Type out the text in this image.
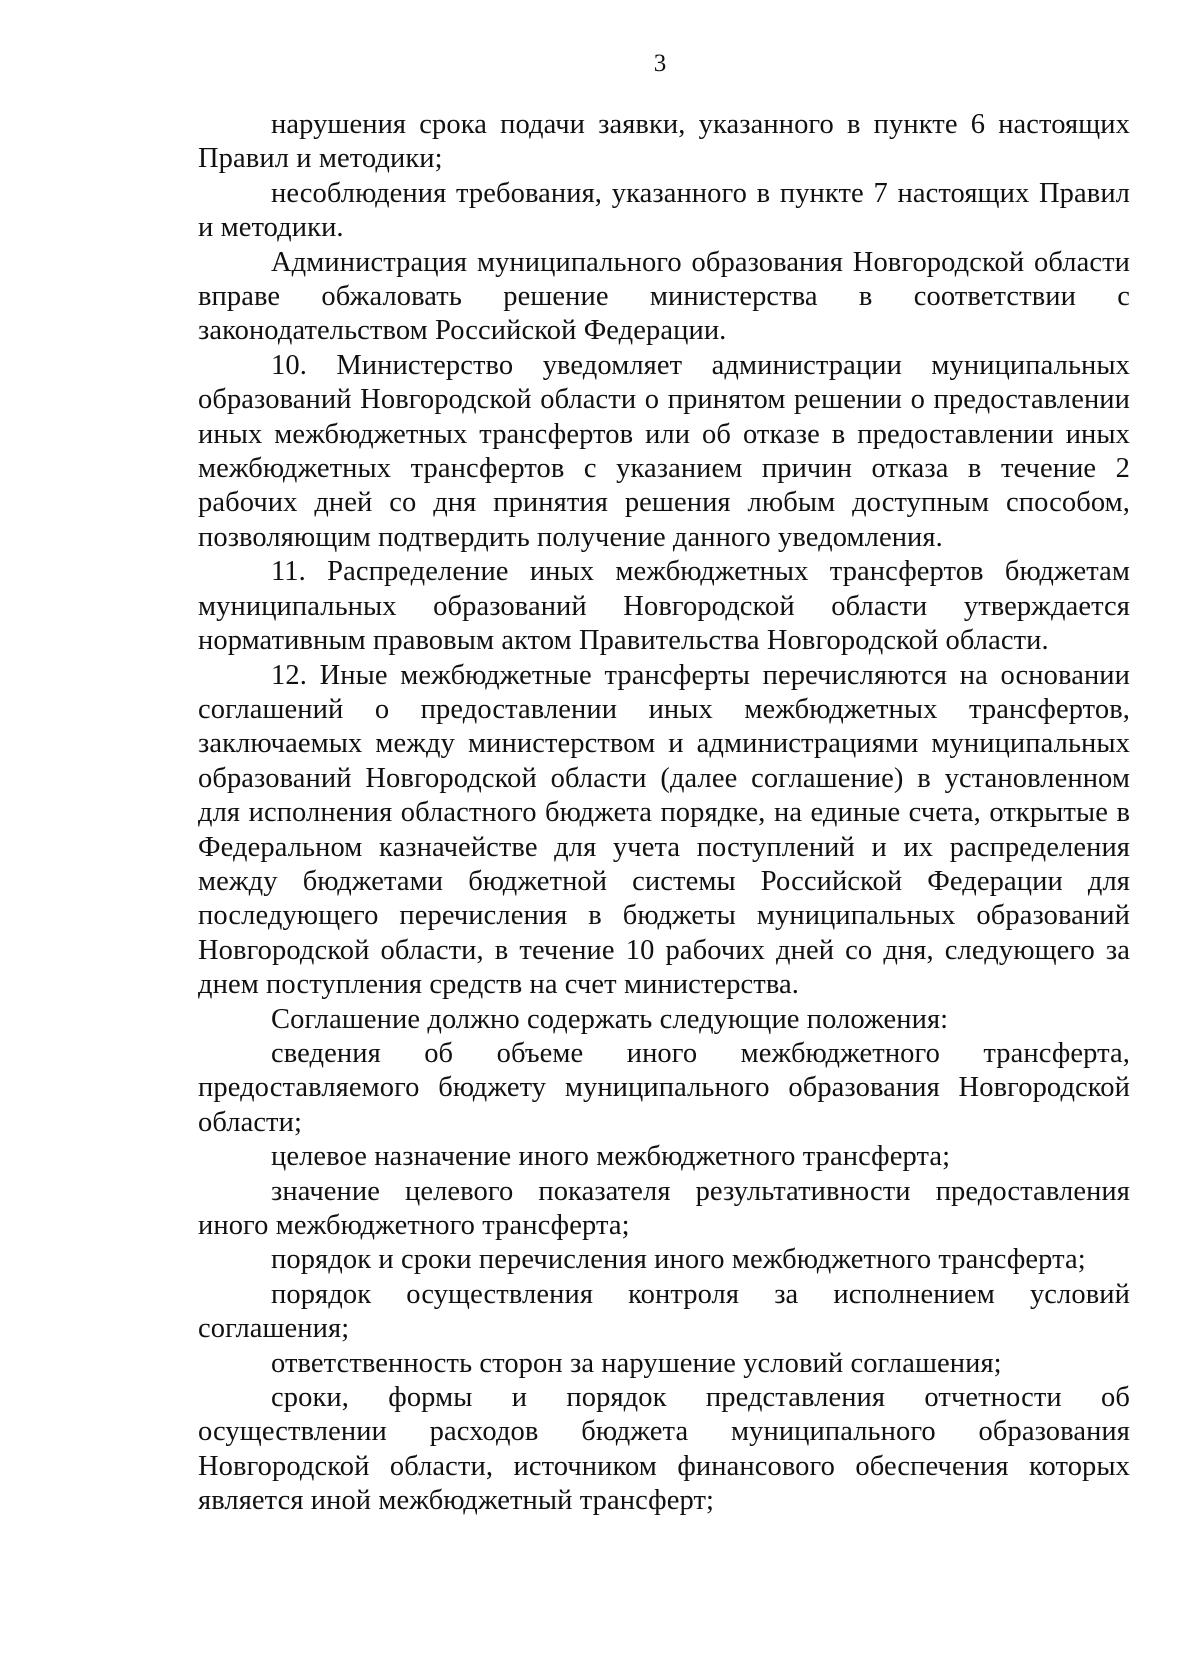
3

нарушения срока подачи заявки, указанного в пункте 6 настоящих Правил и методики;

несоблюдения требования, указанного в пункте 7 настоящих Правил и методики.

Администрация муниципального образования Новгородской области вправе обжаловать решение министерства в соответствии с законодательством Российской Федерации.

10. Министерство уведомляет администрации муниципальных образований Новгородской области о принятом решении о предоставлении иных межбюджетных трансфертов или об отказе в предоставлении иных межбюджетных трансфертов с указанием причин отказа в течение 2 рабочих дней со дня принятия решения любым доступным способом, позволяющим подтвердить получение данного уведомления.

11. Распределение иных межбюджетных трансфертов бюджетам муниципальных образований Новгородской области утверждается нормативным правовым актом Правительства Новгородской области.

12. Иные межбюджетные трансферты перечисляются на основании соглашений о предоставлении иных межбюджетных трансфертов, заключаемых между министерством и администрациями муниципальных образований Новгородской области (далее соглашение) в установленном для исполнения областного бюджета порядке, на единые счета, открытые в Федеральном казначействе для учета поступлений и их распределения между бюджетами бюджетной системы Российской Федерации для последующего перечисления в бюджеты муниципальных образований Новгородской области, в течение 10 рабочих дней со дня, следующего за днем поступления средств на счет министерства.

Соглашение должно содержать следующие положения:

сведения об объеме иного межбюджетного трансферта, предоставляемого бюджету муниципального образования Новгородской области;

целевое назначение иного межбюджетного трансферта;

значение целевого показателя результативности предоставления иного межбюджетного трансферта;

порядок и сроки перечисления иного межбюджетного трансферта;

порядок осуществления контроля за исполнением условий соглашения;

ответственность сторон за нарушение условий соглашения;

сроки, формы и порядок представления отчетности об осуществлении расходов бюджета муниципального образования Новгородской области, источником финансового обеспечения которых является иной межбюджетный трансферт;
